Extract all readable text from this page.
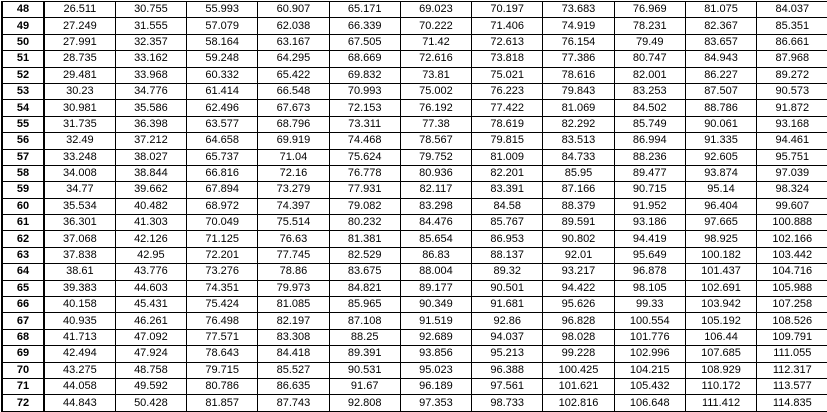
48	26.511	30.755	55.993	60.907	65.171	69.023	70.197	73.683	76.969	81.075	84.037
49	27.249	31.555	57.079	62.038	66.339	70.222	71.406	74.919	78.231	82.367	85.351
50	27.991	32.357	58.164	63.167	67.505	71.42	72.613	76.154	79.49	83.657	86.661
51	28.735	33.162	59.248	64.295	68.669	72.616	73.818	77.386	80.747	84.943	87.968
52	29.481	33.968	60.332	65.422	69.832	73.81	75.021	78.616	82.001	86.227	89.272
53	30.23	34.776	61.414	66.548	70.993	75.002	76.223	79.843	83.253	87.507	90.573
54	30.981	35.586	62.496	67.673	72.153	76.192	77.422	81.069	84.502	88.786	91.872
55	31.735	36.398	63.577	68.796	73.311	77.38	78.619	82.292	85.749	90.061	93.168
56	32.49	37.212	64.658	69.919	74.468	78.567	79.815	83.513	86.994	91.335	94.461
57	33.248	38.027	65.737	71.04	75.624	79.752	81.009	84.733	88.236	92.605	95.751
58	34.008	38.844	66.816	72.16	76.778	80.936	82.201	85.95	89.477	93.874	97.039
59	34.77	39.662	67.894	73.279	77.931	82.117	83.391	87.166	90.715	95.14	98.324
60	35.534	40.482	68.972	74.397	79.082	83.298	84.58	88.379	91.952	96.404	99.607
61	36.301	41.303	70.049	75.514	80.232	84.476	85.767	89.591	93.186	97.665	100.888
62	37.068	42.126	71.125	76.63	81.381	85.654	86.953	90.802	94.419	98.925	102.166
63	37.838	42.95	72.201	77.745	82.529	86.83	88.137	92.01	95.649	100.182	103.442
64	38.61	43.776	73.276	78.86	83.675	88.004	89.32	93.217	96.878	101.437	104.716
65	39.383	44.603	74.351	79.973	84.821	89.177	90.501	94.422	98.105	102.691	105.988
66	40.158	45.431	75.424	81.085	85.965	90.349	91.681	95.626	99.33	103.942	107.258
67	40.935	46.261	76.498	82.197	87.108	91.519	92.86	96.828	100.554	105.192	108.526
68	41.713	47.092	77.571	83.308	88.25	92.689	94.037	98.028	101.776	106.44	109.791
69	42.494	47.924	78.643	84.418	89.391	93.856	95.213	99.228	102.996	107.685	111.055
70	43.275	48.758	79.715	85.527	90.531	95.023	96.388	100.425	104.215	108.929	112.317
71	44.058	49.592	80.786	86.635	91.67	96.189	97.561	101.621	105.432	110.172	113.577
72	44.843	50.428	81.857	87.743	92.808	97.353	98.733	102.816	106.648	111.412	114.835
